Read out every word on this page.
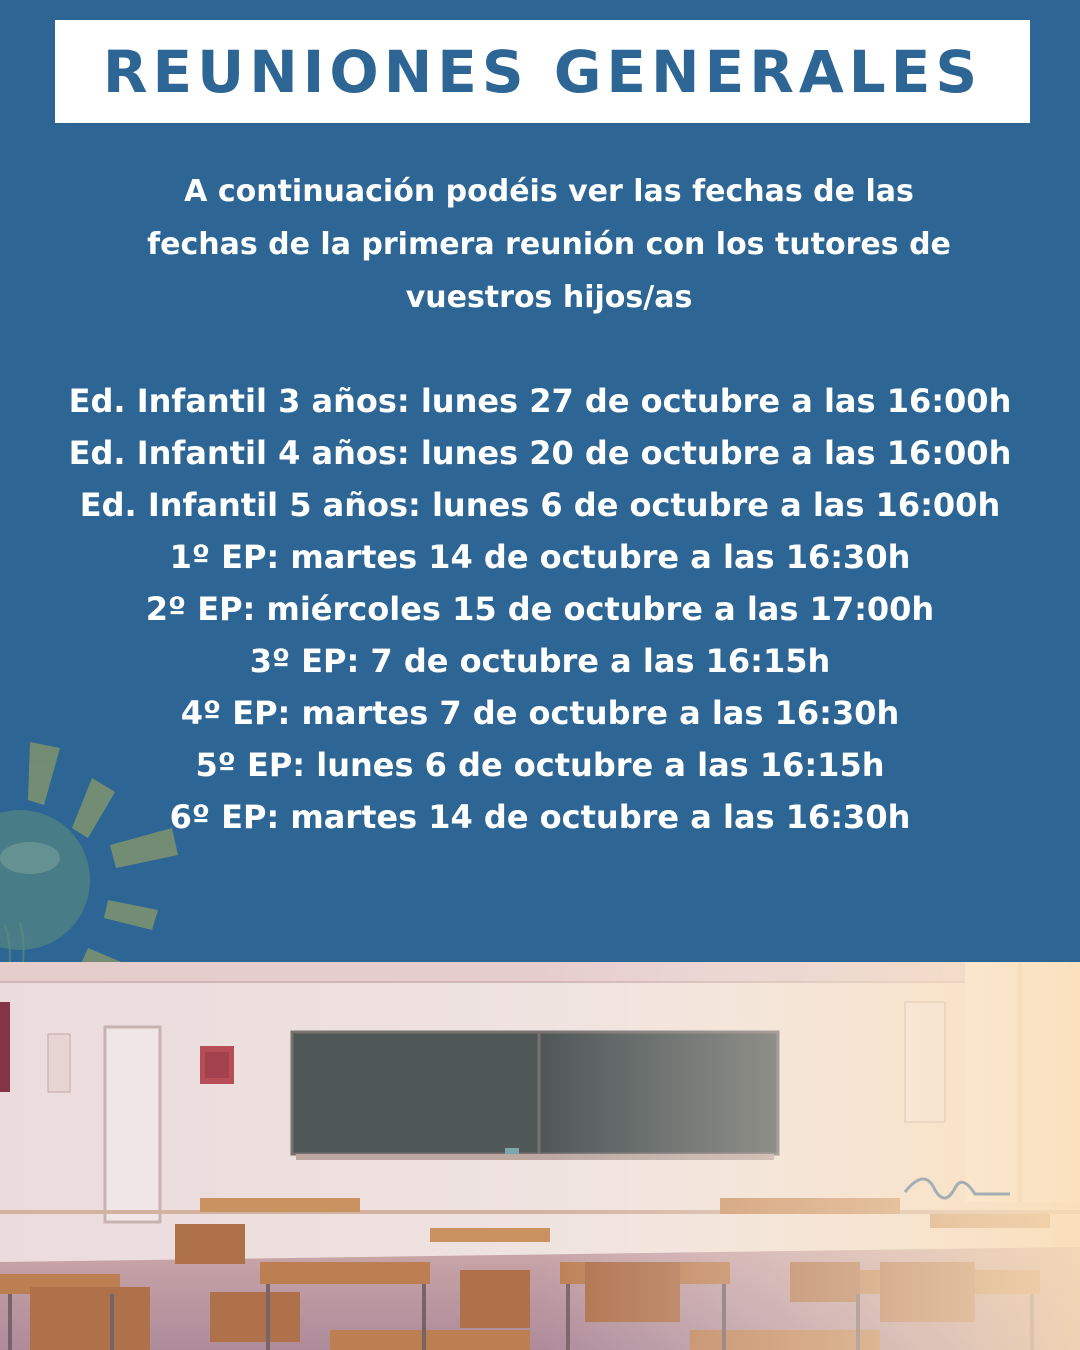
REUNIONES GENERALES
A continuación podéis ver las fechas de las
fechas de la primera reunión con los tutores de
vuestros hijos/as
Ed. Infantil 3 años: lunes 27 de octubre a las 16:00h
Ed. Infantil 4 años: lunes 20 de octubre a las 16:00h
Ed. Infantil 5 años: lunes 6 de octubre a las 16:00h
1º EP: martes 14 de octubre a las 16:30h
2º EP: miércoles 15 de octubre a las 17:00h
3º EP: 7 de octubre a las 16:15h
4º EP: martes 7 de octubre a las 16:30h
5º EP: lunes 6 de octubre a las 16:15h
6º EP: martes 14 de octubre a las 16:30h
